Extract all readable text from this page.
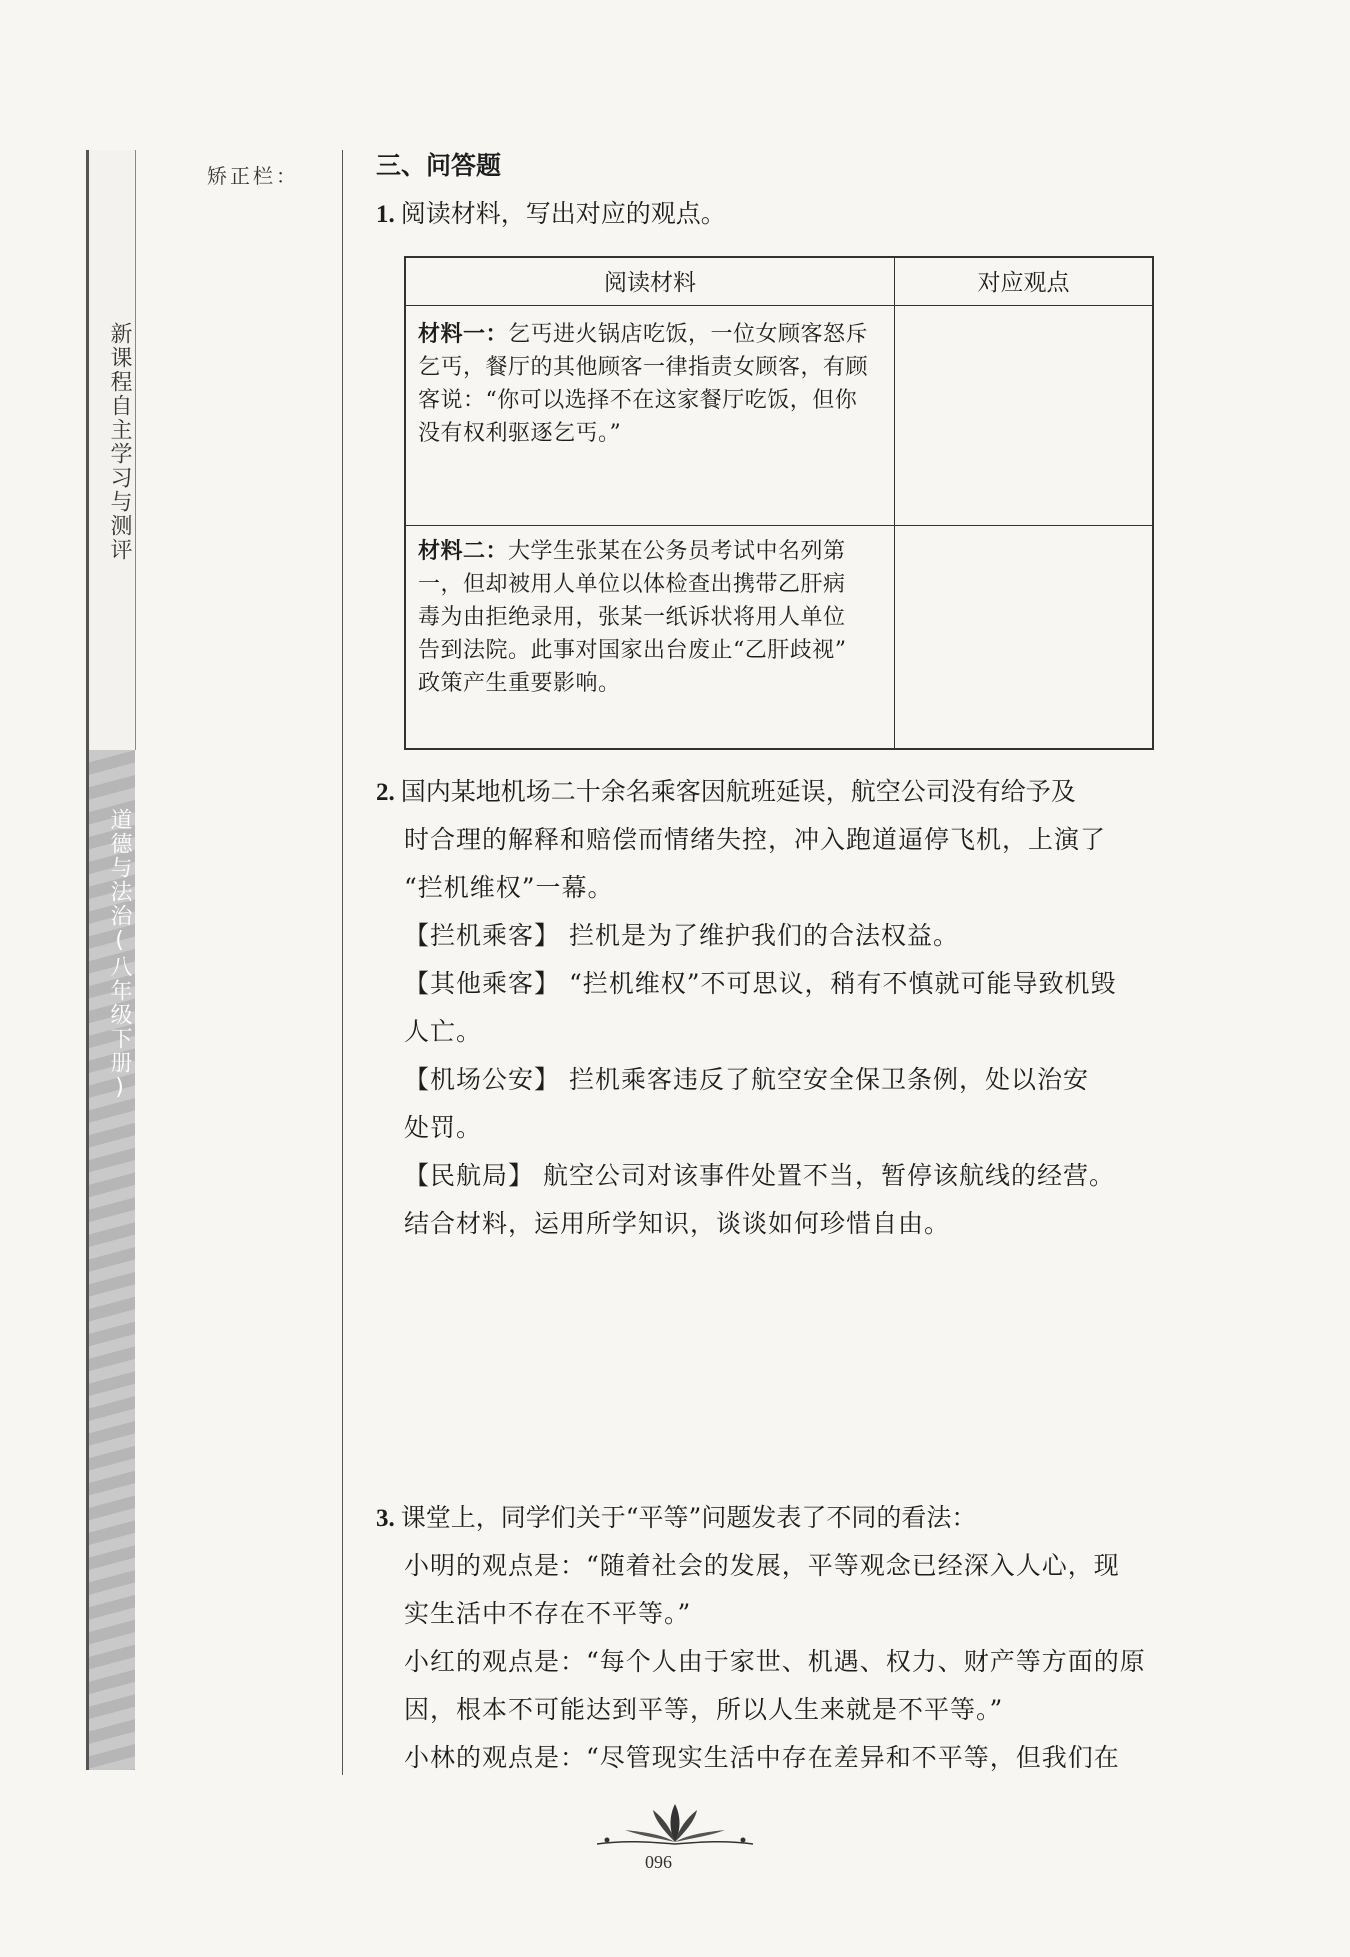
新课程自主学习与测评
道德与法治(八年级下册)
矫正栏：	三、问答题
1. 阅读材料，写出对应的观点。
阅读材料	对应观点
材料一：乞丐进火锅店吃饭，一位女顾客怒斥
乞丐，餐厅的其他顾客一律指责女顾客，有顾
客说：“你可以选择不在这家餐厅吃饭，但你
没有权利驱逐乞丐。”
材料二：大学生张某在公务员考试中名列第
一，但却被用人单位以体检查出携带乙肝病
毒为由拒绝录用，张某一纸诉状将用人单位
告到法院。此事对国家出台废止“乙肝歧视”
政策产生重要影响。
2. 国内某地机场二十余名乘客因航班延误，航空公司没有给予及
时合理的解释和赔偿而情绪失控，冲入跑道逼停飞机，上演了
“拦机维权”一幕。
【拦机乘客】 拦机是为了维护我们的合法权益。
【其他乘客】 “拦机维权”不可思议，稍有不慎就可能导致机毁
人亡。
【机场公安】 拦机乘客违反了航空安全保卫条例，处以治安
处罚。
【民航局】 航空公司对该事件处置不当，暂停该航线的经营。
结合材料，运用所学知识，谈谈如何珍惜自由。
3. 课堂上，同学们关于“平等”问题发表了不同的看法：
小明的观点是：“随着社会的发展，平等观念已经深入人心，现
实生活中不存在不平等。”
小红的观点是：“每个人由于家世、机遇、权力、财产等方面的原
因，根本不可能达到平等，所以人生来就是不平等。”
小林的观点是：“尽管现实生活中存在差异和不平等，但我们在
096
